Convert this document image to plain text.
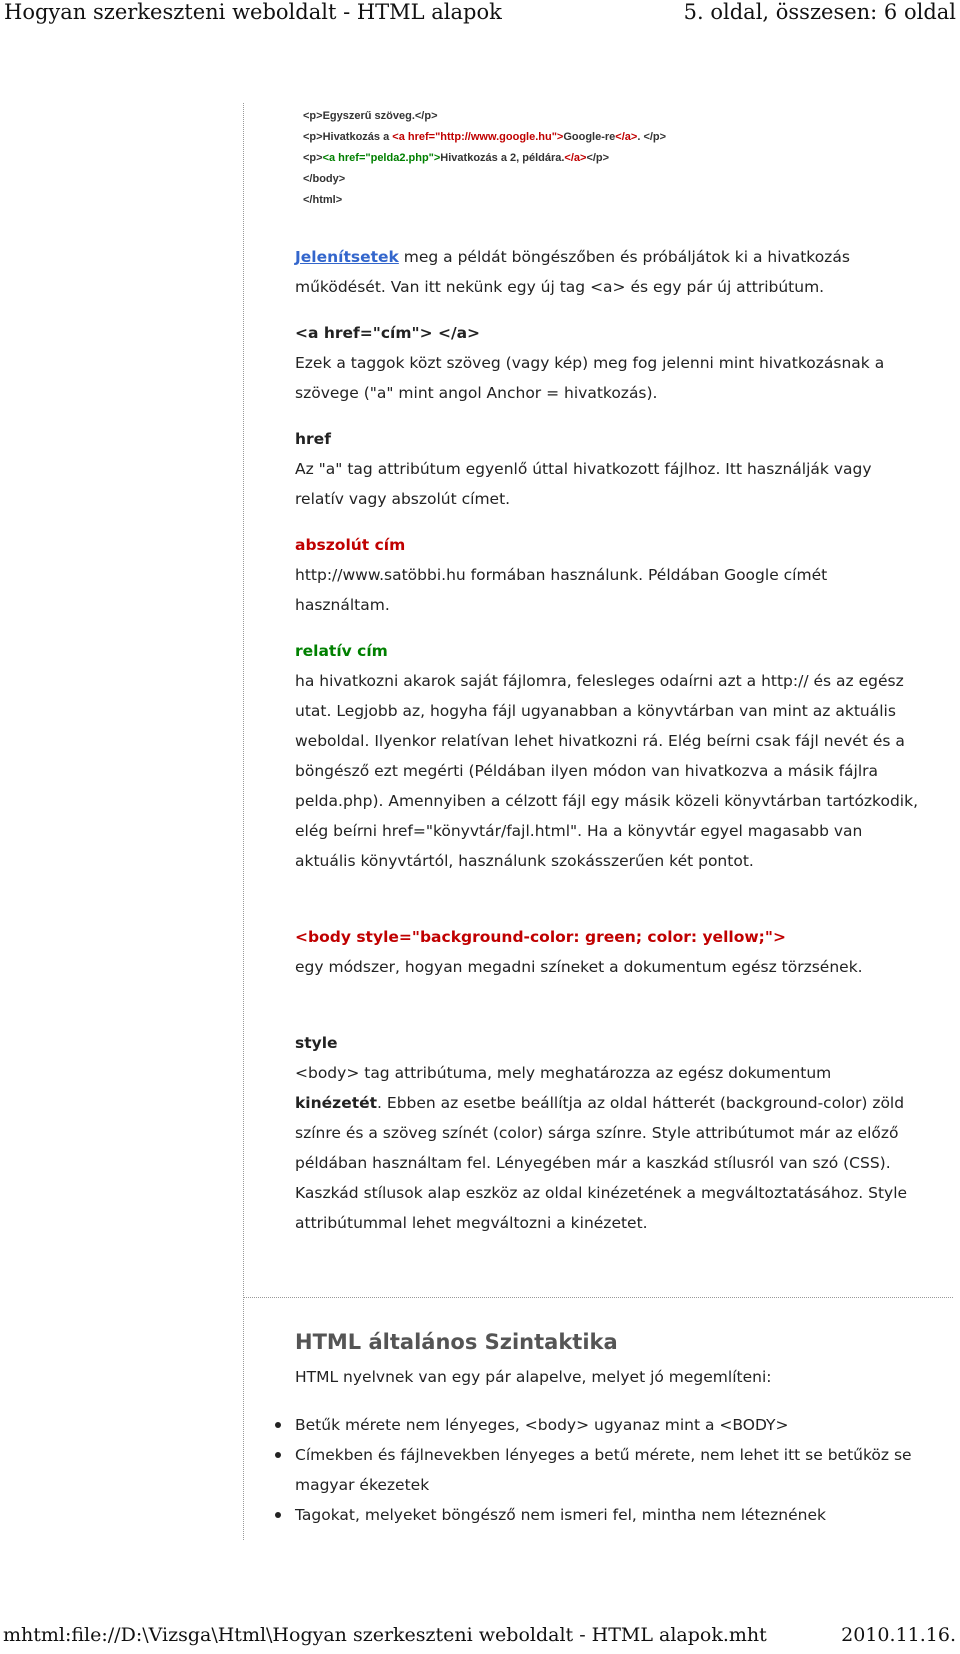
Hogyan szerkeszteni weboldalt - HTML alapok	5. oldal, összesen: 6 oldal
<p>Egyszerű szöveg.</p>
<p>Hivatkozás a <a href="http://www.google.hu">Google-re</a>. </p>
<p><a href="pelda2.php">Hivatkozás a 2, példára.</a></p>
</body>
</html>
Jelenítsetek meg a példát böngészőben és próbáljátok ki a hivatkozás működését. Van itt nekünk egy új tag <a> és egy pár új attribútum.
<a href="cím"> </a>
Ezek a taggok közt szöveg (vagy kép) meg fog jelenni mint hivatkozásnak a szövege ("a" mint angol Anchor = hivatkozás).
href
Az "a" tag attribútum egyenlő úttal hivatkozott fájlhoz. Itt használják vagy relatív vagy abszolút címet.
abszolút cím
http://www.satöbbi.hu formában használunk. Példában Google címét használtam.
relatív cím
ha hivatkozni akarok saját fájlomra, felesleges odaírni azt a http:// és az egész utat. Legjobb az, hogyha fájl ugyanabban a könyvtárban van mint az aktuális weboldal. Ilyenkor relatívan lehet hivatkozni rá. Elég beírni csak fájl nevét és a böngésző ezt megérti (Példában ilyen módon van hivatkozva a másik fájlra pelda.php). Amennyiben a célzott fájl egy másik közeli könyvtárban tartózkodik, elég beírni href="könyvtár/fajl.html". Ha a könyvtár egyel magasabb van aktuális könyvtártól, használunk szokásszerűen két pontot.
<body style="background-color: green; color: yellow;">
egy módszer, hogyan megadni színeket a dokumentum egész törzsének.
style
<body> tag attribútuma, mely meghatározza az egész dokumentum kinézetét. Ebben az esetbe beállítja az oldal hátterét (background-color) zöld színre és a szöveg színét (color) sárga színre. Style attribútumot már az előző példában használtam fel. Lényegében már a kaszkád stílusról van szó (CSS). Kaszkád stílusok alap eszköz az oldal kinézetének a megváltoztatásához. Style attribútummal lehet megváltozni a kinézetet.
HTML általános Szintaktika
HTML nyelvnek van egy pár alapelve, melyet jó megemlíteni:
Betűk mérete nem lényeges, <body> ugyanaz mint a <BODY>
Címekben és fájlnevekben lényeges a betű mérete, nem lehet itt se betűköz se magyar ékezetek
Tagokat, melyeket böngésző nem ismeri fel, mintha nem léteznének
mhtml:file://D:\Vizsga\Html\Hogyan szerkeszteni weboldalt - HTML alapok.mht	2010.11.16.
